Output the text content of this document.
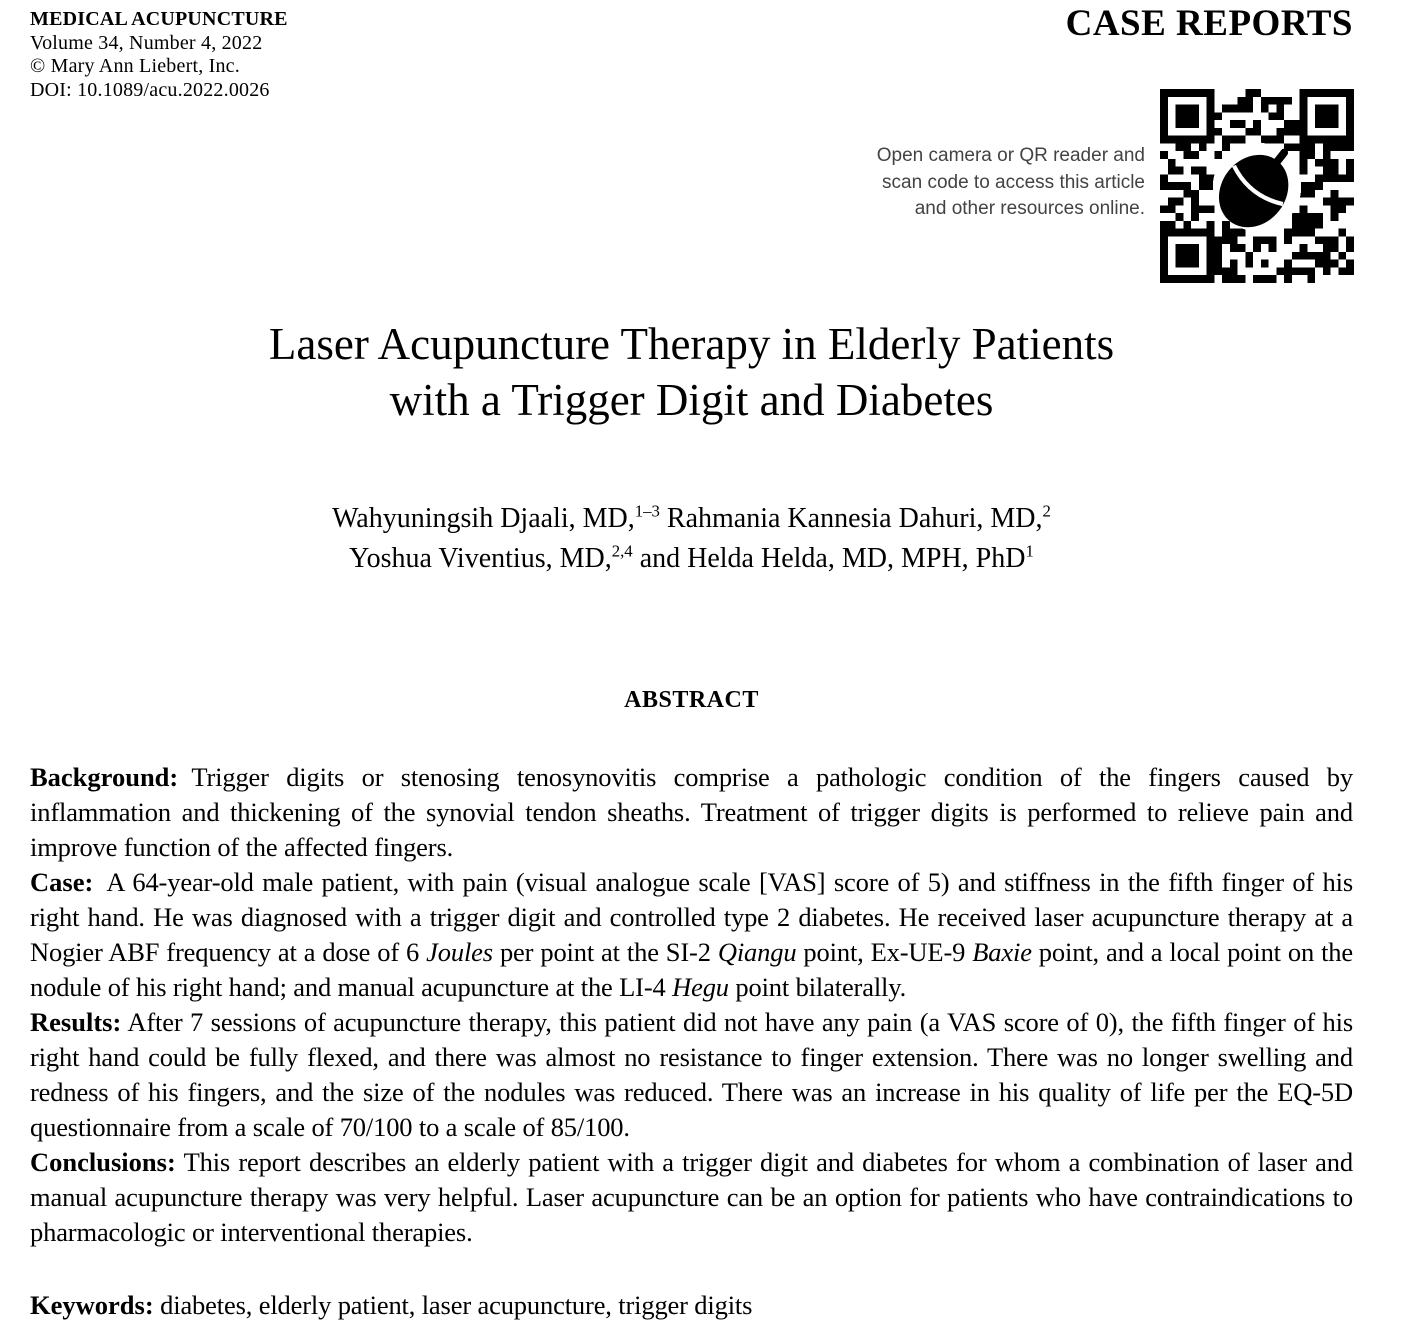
MEDICAL ACUPUNCTURE
Volume 34, Number 4, 2022
© Mary Ann Liebert, Inc.
DOI: 10.1089/acu.2022.0026
CASE REPORTS
Open camera or QR reader and
scan code to access this article
and other resources online.
Laser Acupuncture Therapy in Elderly Patients
with a Trigger Digit and Diabetes
Wahyuningsih Djaali, MD,$^{1-3}$ Rahmania Kannesia Dahuri, MD,$^2$
Yoshua Viventius, MD,$^{2,4}$ and Helda Helda, MD, MPH, PhD$^1$
ABSTRACT

Background: Trigger digits or stenosing tenosynovitis comprise a pathologic condition of the fingers caused by inflammation and thickening of the synovial tendon sheaths. Treatment of trigger digits is performed to relieve pain and improve function of the affected fingers.

Case: A 64-year-old male patient, with pain (visual analogue scale [VAS] score of 5) and stiffness in the fifth finger of his right hand. He was diagnosed with a trigger digit and controlled type 2 diabetes. He received laser acupuncture therapy at a Nogier ABF frequency at a dose of 6 Joules per point at the SI-2 Qiangu point, Ex-UE-9 Baxie point, and a local point on the nodule of his right hand; and manual acupuncture at the LI-4 Hegu point bilaterally.

Results: After 7 sessions of acupuncture therapy, this patient did not have any pain (a VAS score of 0), the fifth finger of his right hand could be fully flexed, and there was almost no resistance to finger extension. There was no longer swelling and redness of his fingers, and the size of the nodules was reduced. There was an increase in his quality of life per the EQ-5D questionnaire from a scale of 70/100 to a scale of 85/100.

Conclusions: This report describes an elderly patient with a trigger digit and diabetes for whom a combination of laser and manual acupuncture therapy was very helpful. Laser acupuncture can be an option for patients who have contraindications to pharmacologic or interventional therapies.

Keywords: diabetes, elderly patient, laser acupuncture, trigger digits
